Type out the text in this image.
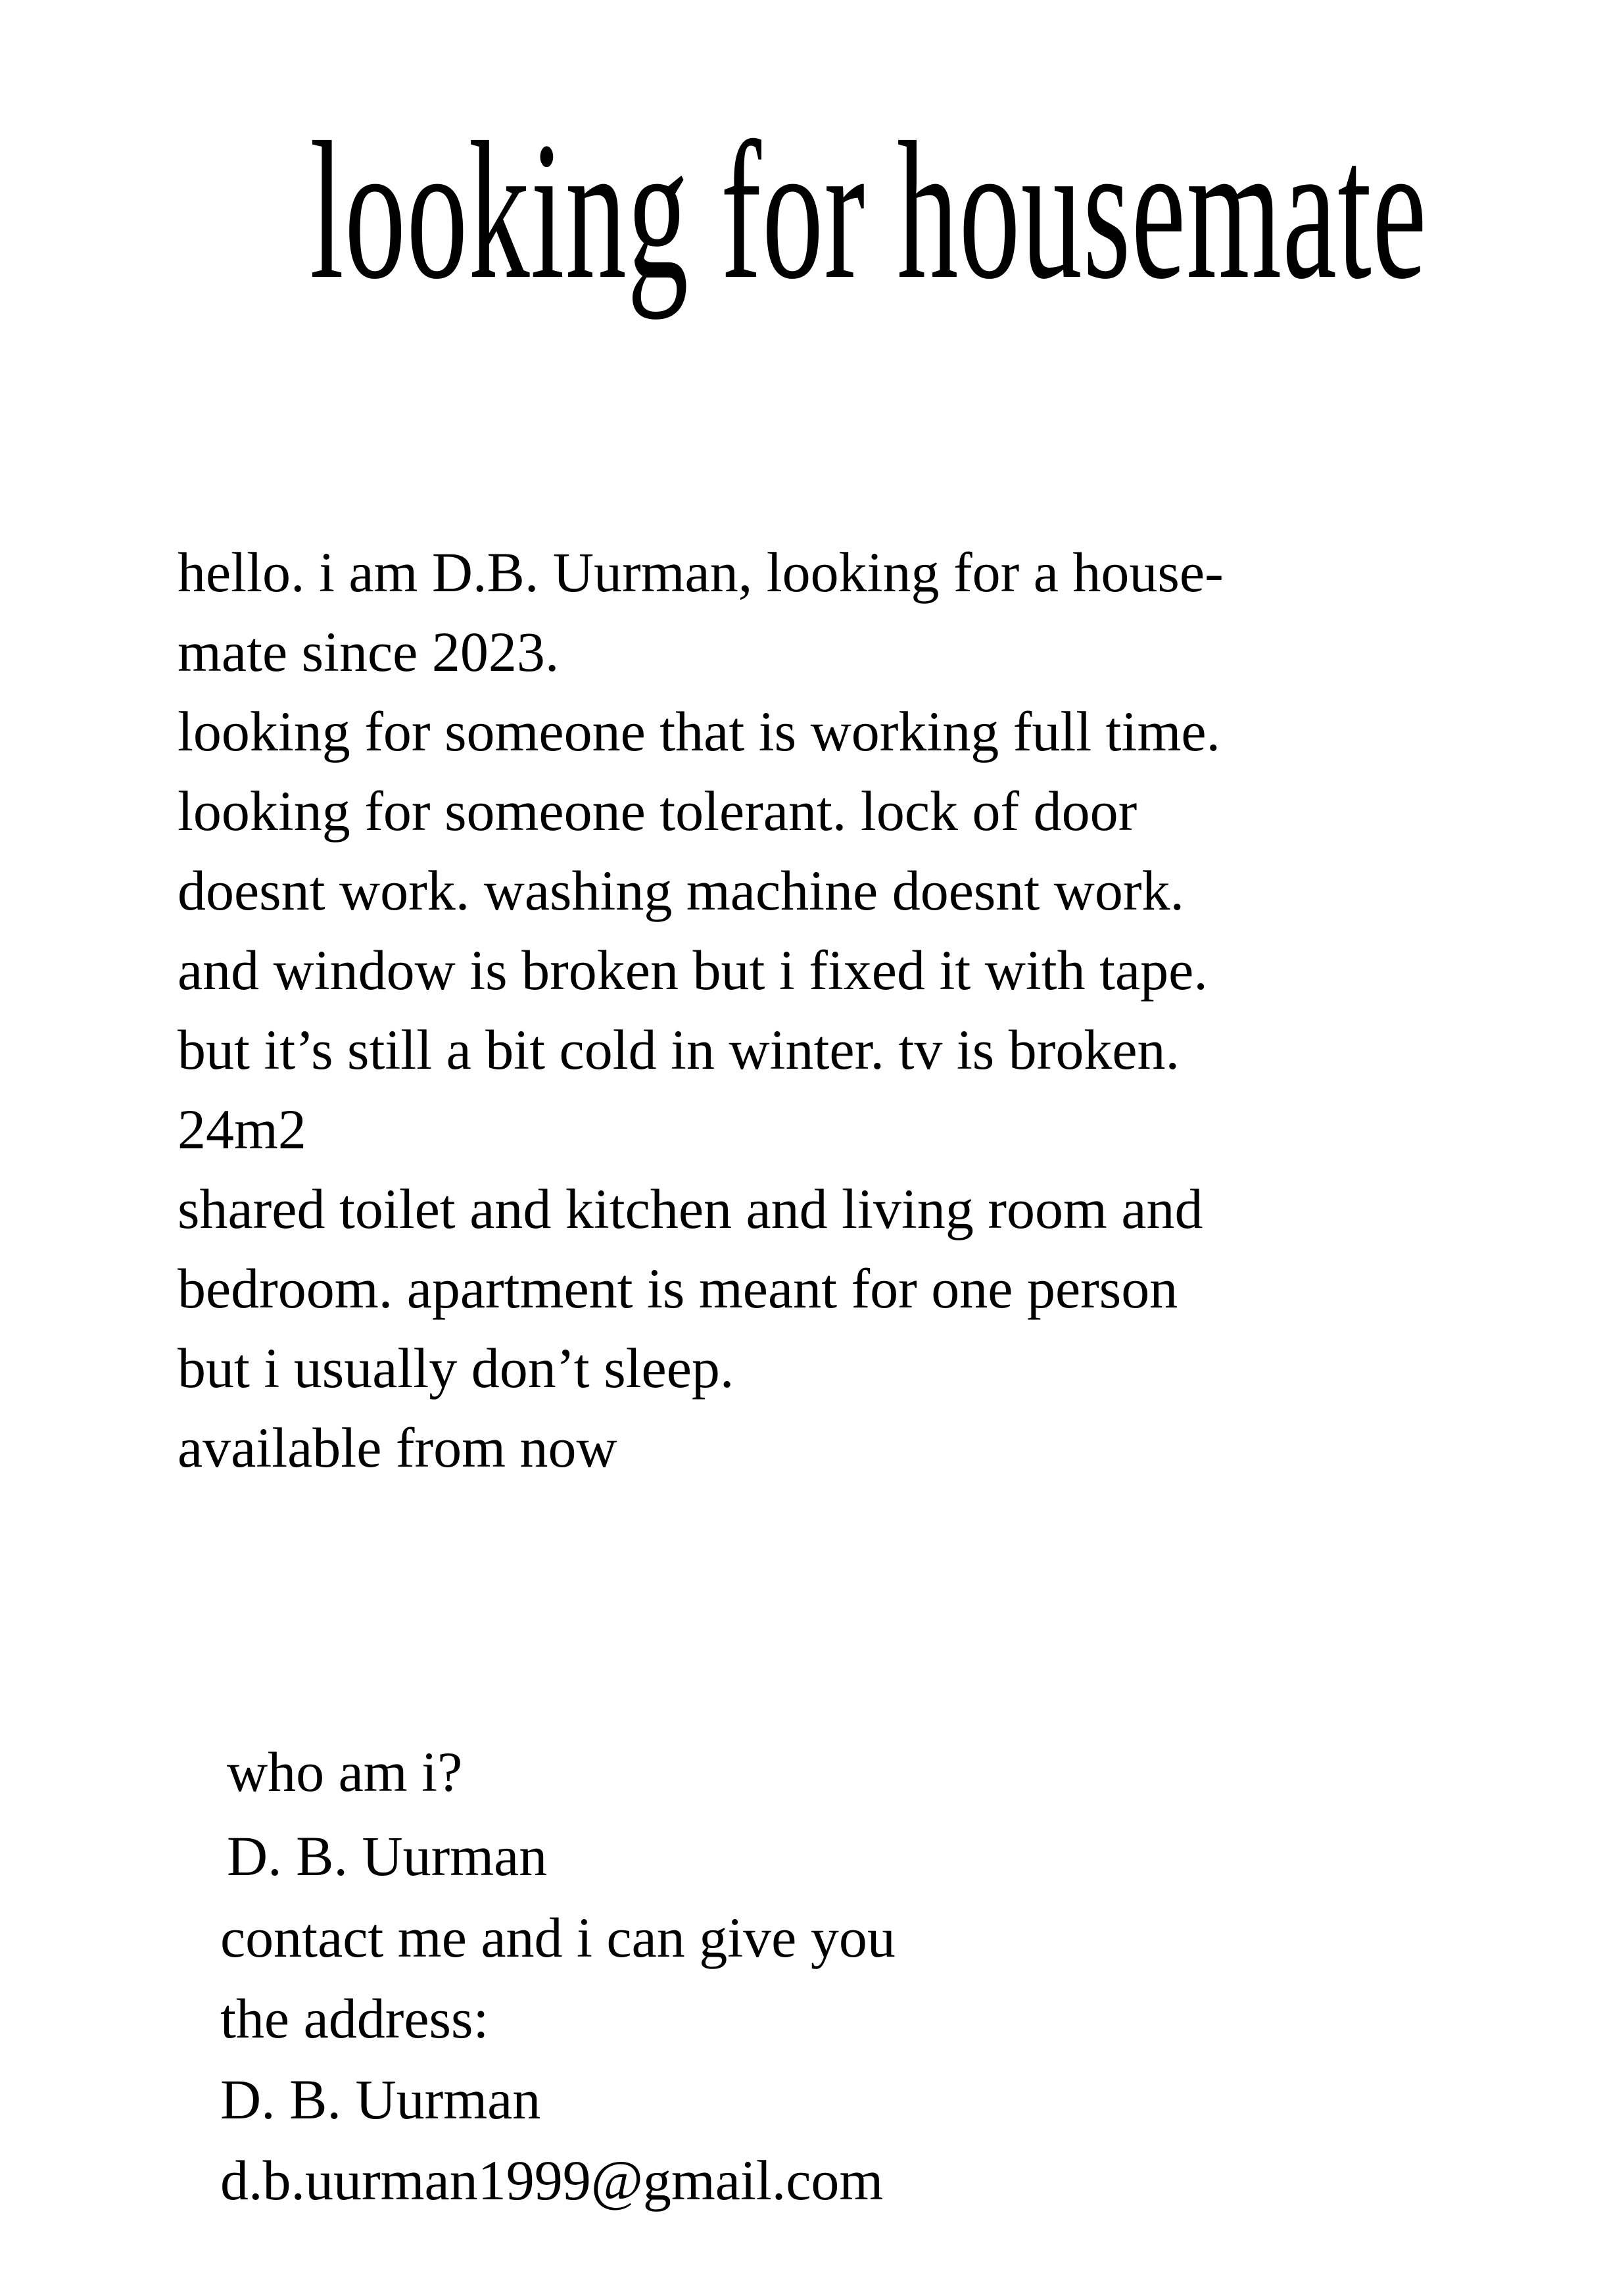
looking for housemate
hello. i am D.B. Uurman, looking for a house-
mate since 2023.
looking for someone that is working full time.
looking for someone tolerant. lock of door
doesnt work. washing machine doesnt work.
and window is broken but i fixed it with tape.
but it’s still a bit cold in winter. tv is broken.
24m2
shared toilet and kitchen and living room and
bedroom. apartment is meant for one person
but i usually don’t sleep.
available from now
who am i?
D. B. Uurman
contact me and i can give you
the address:
D. B. Uurman
d.b.uurman1999@gmail.com
